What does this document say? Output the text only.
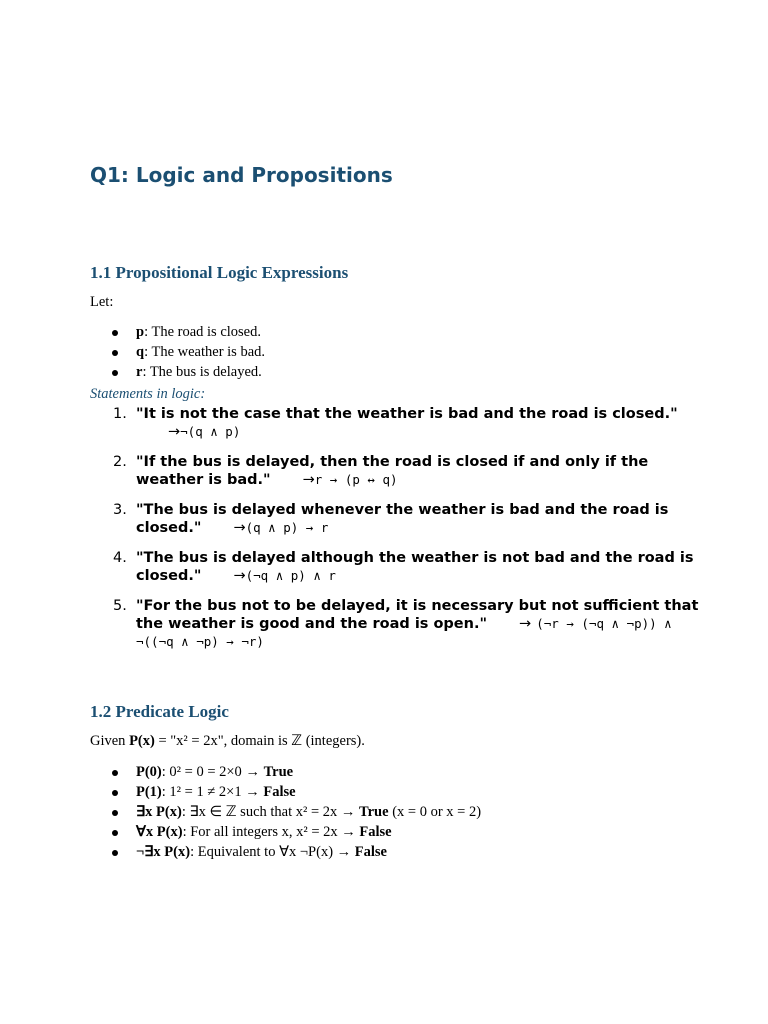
Q1: Logic and Propositions
1.1 Propositional Logic Expressions

Let:

p: The road is closed.
q: The weather is bad.
r: The bus is delayed.

Statements in logic:

1. "It is not the case that the weather is bad and the road is closed."→¬(q ∧ p)
2. "If the bus is delayed, then the road is closed if and only if the weather is bad." →r → (p ↔ q)
3. "The bus is delayed whenever the weather is bad and the road is closed." →(q ∧ p) → r
4. "The bus is delayed although the weather is not bad and the road is closed." →(¬q ∧ p) ∧ r
5. "For the bus not to be delayed, it is necessary but not sufficient that the weather is good and the road is open." → (¬r → (¬q ∧ ¬p)) ∧ ¬((¬q ∧ ¬p) → ¬r)
1.2 Predicate Logic

Given P(x) = "x² = 2x", domain is ℤ (integers).

P(0): 0² = 0 = 2×0 → True
P(1): 1² = 1 ≠ 2×1 → False
∃x P(x): ∃x ∈ ℤ such that x² = 2x → True (x = 0 or x = 2)
∀x P(x): For all integers x, x² = 2x → False
¬∃x P(x): Equivalent to ∀x ¬P(x) → False
